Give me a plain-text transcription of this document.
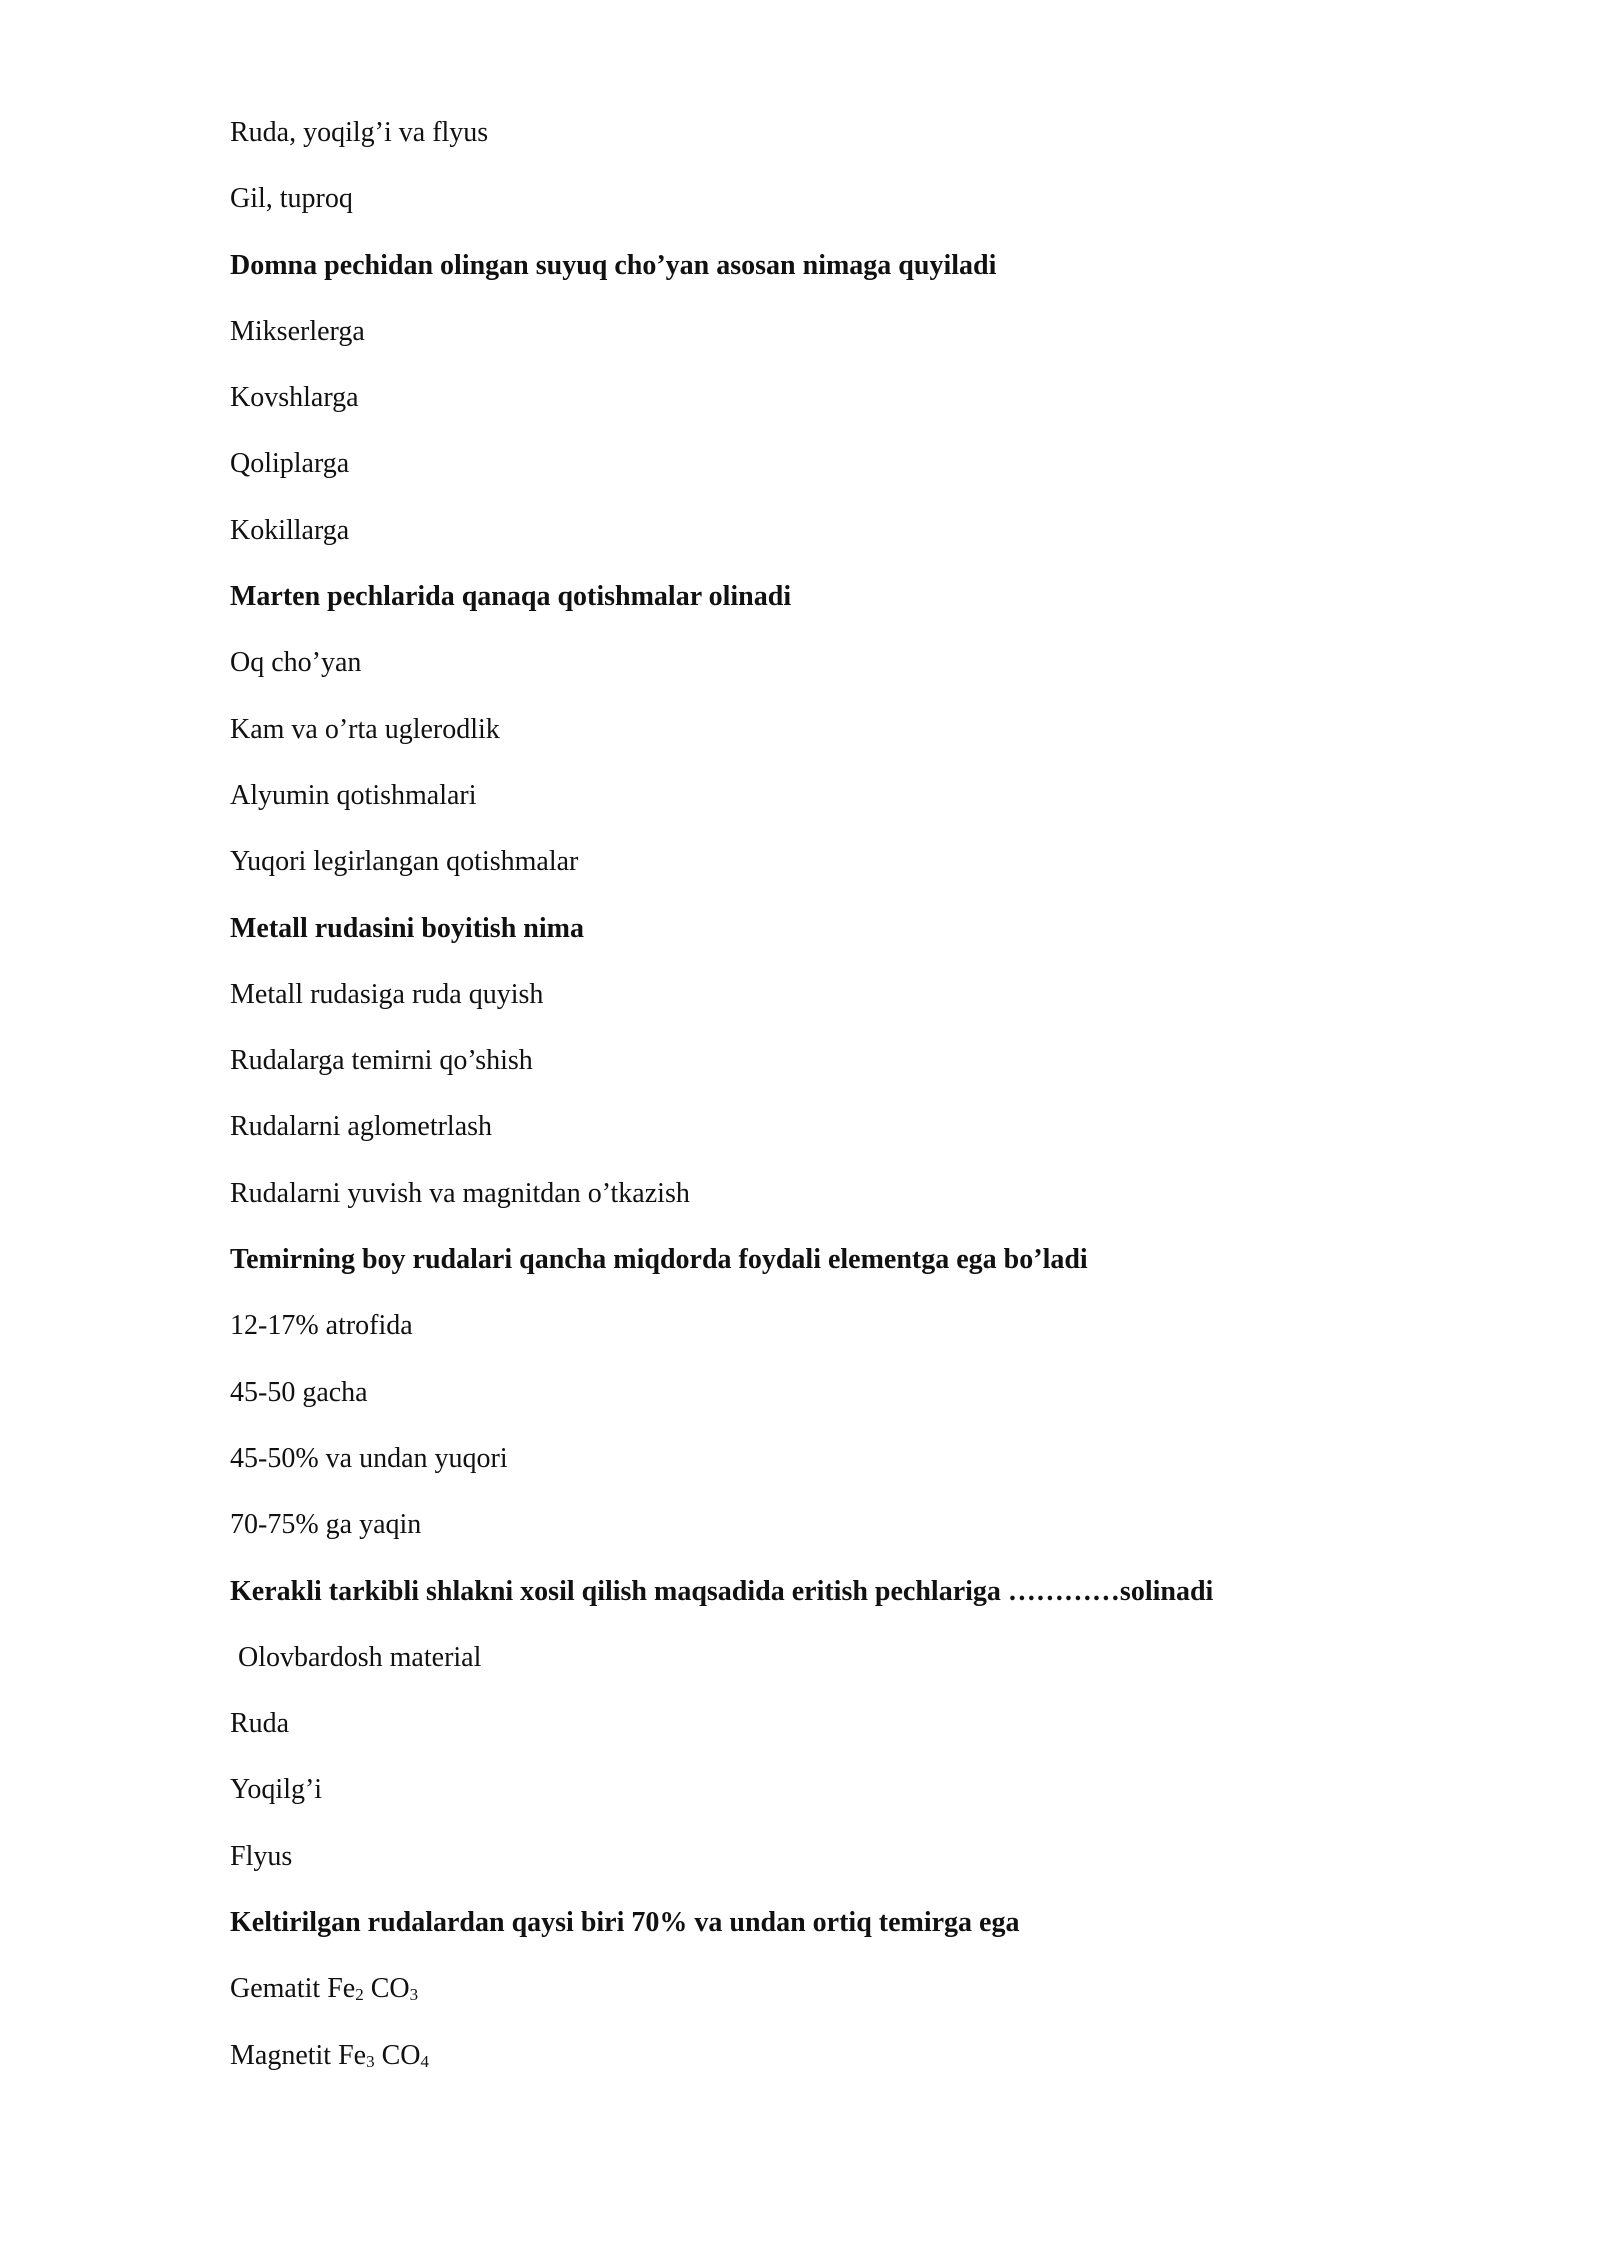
Ruda, yoqilg’i va flyus
Gil, tuproq
Domna pechidan olingan suyuq cho’yan asosan nimaga quyiladi
Mikserlerga
Kovshlarga
Qoliplarga
Kokillarga
Marten pechlarida qanaqa qotishmalar olinadi
Oq cho’yan
Kam va o’rta uglerodlik
Alyumin qotishmalari
Yuqori legirlangan qotishmalar
Metall rudasini boyitish nima
Metall rudasiga ruda quyish
Rudalarga temirni qo’shish
Rudalarni aglometrlash
Rudalarni yuvish va magnitdan o’tkazish
Temirning boy rudalari qancha miqdorda foydali elementga ega bo’ladi
12-17% atrofida
45-50 gacha
45-50% va undan yuqori
70-75% ga yaqin
Kerakli tarkibli shlakni xosil qilish maqsadida eritish pechlariga …………solinadi
Olovbardosh material
Ruda
Yoqilg’i
Flyus
Keltirilgan rudalardan qaysi biri 70% va undan ortiq temirga ega
Gematit $Fe_2$ $CO_3$
Magnetit $Fe_3$ $CO_4$
